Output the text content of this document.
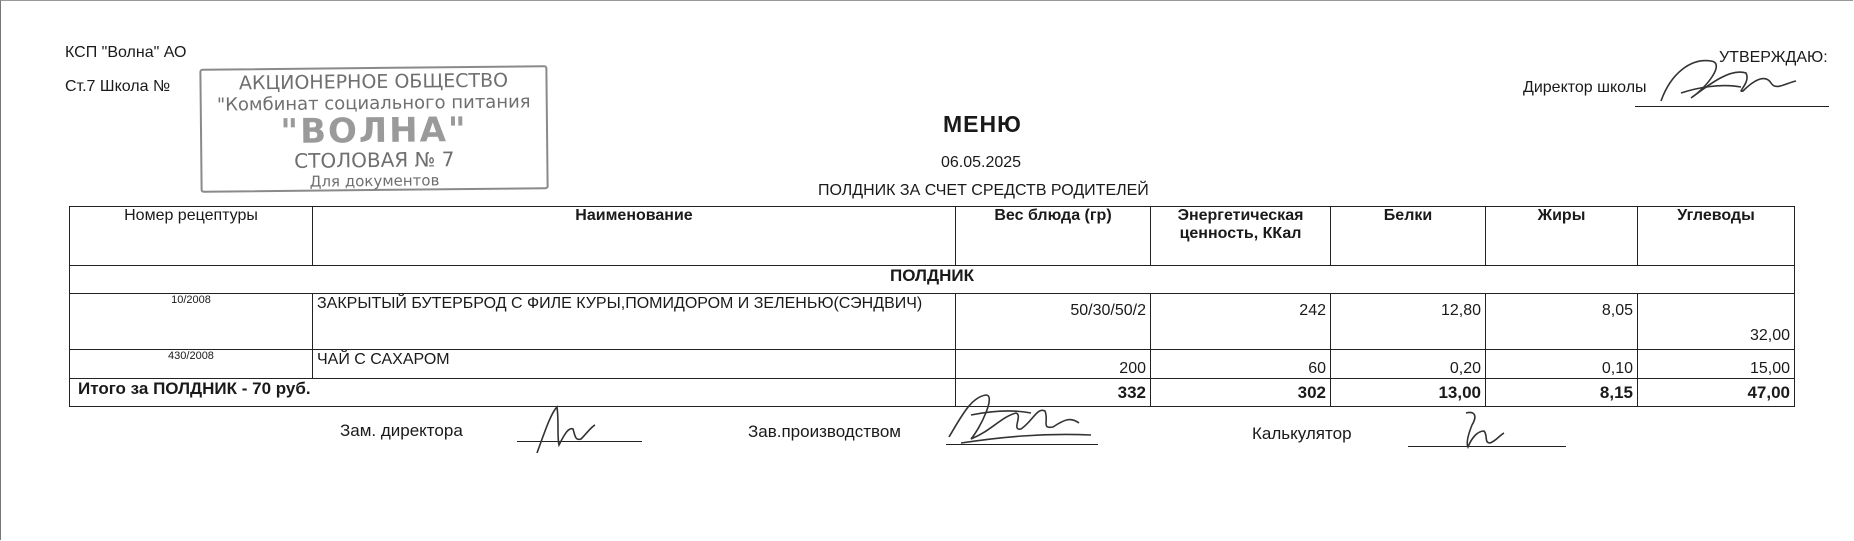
КСП "Волна" АО
Ст.7 Школа №	АКЦИОНЕРНОЕ ОБЩЕСТВО
"Комбинат социального питания
"ВОЛНА"
СТОЛОВАЯ № 7
Для документов
УТВЕРЖДАЮ:
Директор школы
МЕНЮ
06.05.2025
ПОЛДНИК ЗА СЧЕТ СРЕДСТВ РОДИТЕЛЕЙ
Номер рецептуры	Наименование	Вес блюда (гр)	Энергетическая ценность, ККал	Белки	Жиры	Углеводы
ПОЛДНИК						
10/2008	ЗАКРЫТЫЙ БУТЕРБРОД С ФИЛЕ КУРЫ,ПОМИДОРОМ И ЗЕЛЕНЬЮ(СЭНДВИЧ)	50/30/50/2	242	12,80	8,05	32,00
430/2008	ЧАЙ С САХАРОМ	200	60	0,20	0,10	15,00
Итого за ПОЛДНИК - 70 руб.		332	302	13,00	8,15	47,00
Зам. директора	Зав.производством	Калькулятор
